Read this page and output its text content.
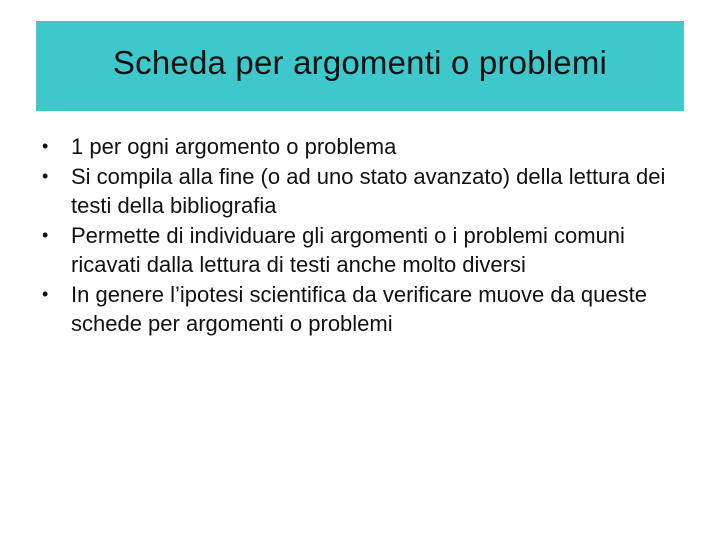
Scheda per argomenti o problemi
•	1 per ogni argomento o problema
•	Si compila alla fine (o ad uno stato avanzato) della lettura dei testi della bibliografia
•	Permette di individuare gli argomenti o i problemi comuni ricavati dalla lettura di testi anche molto diversi
•	In genere l’ipotesi scientifica da verificare muove da queste schede per argomenti o problemi
